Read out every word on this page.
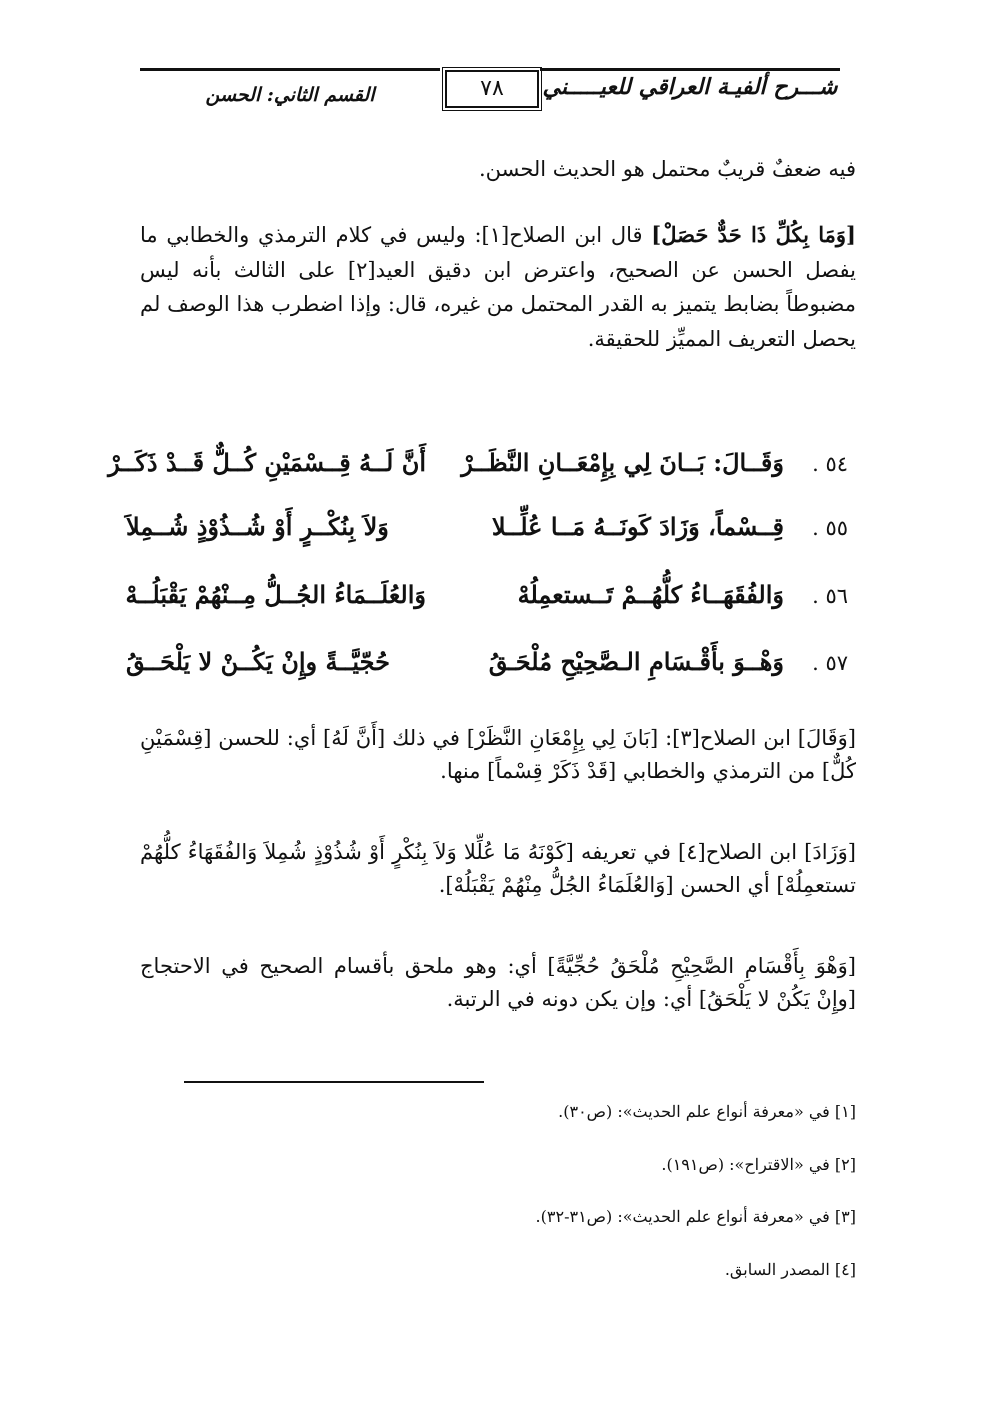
شـــرح ألفيـة العراقي للعيـــــني
٧٨
القسم الثاني: الحسن
فيه ضعفٌ قريبٌ محتمل هو الحديث الحسن.
[وَمَا بِكُلِّ ذَا حَدٌّ حَصَلْ] قال ابن الصلاح[١]: وليس في كلام الترمذي والخطابي ما يفصل الحسن عن الصحيح، واعترض ابن دقيق العيد[٢] على الثالث بأنه ليس مضبوطاً بضابط يتميز به القدر المحتمل من غيره، قال: وإذا اضطرب هذا الوصف لم يحصل التعريف المميِّز للحقيقة.
٥٤ .
وَقَــالَ: بَــانَ لِي بِإِمْعَــانِ النَّظَــرْ
أَنَّ لَــهُ قِــسْمَيْنِ كُــلٌّ قَــدْ ذَكَــرْ
٥٥ .
قِــسْماً، وَزَادَ كَونَــهُ مَــا عُلِّــلا
وَلاَ بِنُكْــرٍ أَوْ شُــذُوْذٍ شُــمِلاَ
٥٦ .
وَالفُقَهَــاءُ كلُّهُــمْ تَــستعمِلُهْ
وَالعُلَــمَاءُ الجُــلُّ مِــنْهُمْ يَقْبَلُــهْ
٥٧ .
وَهْــوَ بأَقْـسَامِ الـصَّحِيْحِ مُلْحَـقُ
حُجّيَّــةً وإِنْ يَكُــنْ لا يَلْحَــقُ
[وَقَالَ] ابن الصلاح[٣]: [بَانَ لِي بِإِمْعَانِ النَّظَرْ] في ذلك [أَنَّ لَهُ] أي: للحسن [قِسْمَيْنِ كُلٌّ] من الترمذي والخطابي [قَدْ ذَكَرْ قِسْماً] منها.
[وَزَادَ] ابن الصلاح[٤] في تعريفه [كَوْنَهُ مَا عُلِّلا وَلاَ بِنُكْرٍ أَوْ شُذُوْذٍ شُمِلاَ وَالفُقَهَاءُ كلُّهُمْ تستعمِلُهْ] أي الحسن [وَالعُلَمَاءُ الجُلُّ مِنْهُمْ يَقْبَلُهْ].
[وَهْوَ بِأَقْسَامِ الصَّحِيْحِ مُلْحَقُ حُجِّيَّةً] أي: وهو ملحق بأقسام الصحيح في الاحتجاج [وإِنْ يَكُنْ لا يَلْحَقُ] أي: وإن يكن دونه في الرتبة.
[١] في «معرفة أنواع علم الحديث»: (ص٣٠).
[٢] في «الاقتراح»: (ص١٩١).
[٣] في «معرفة أنواع علم الحديث»: (ص٣١-٣٢).
[٤] المصدر السابق.
